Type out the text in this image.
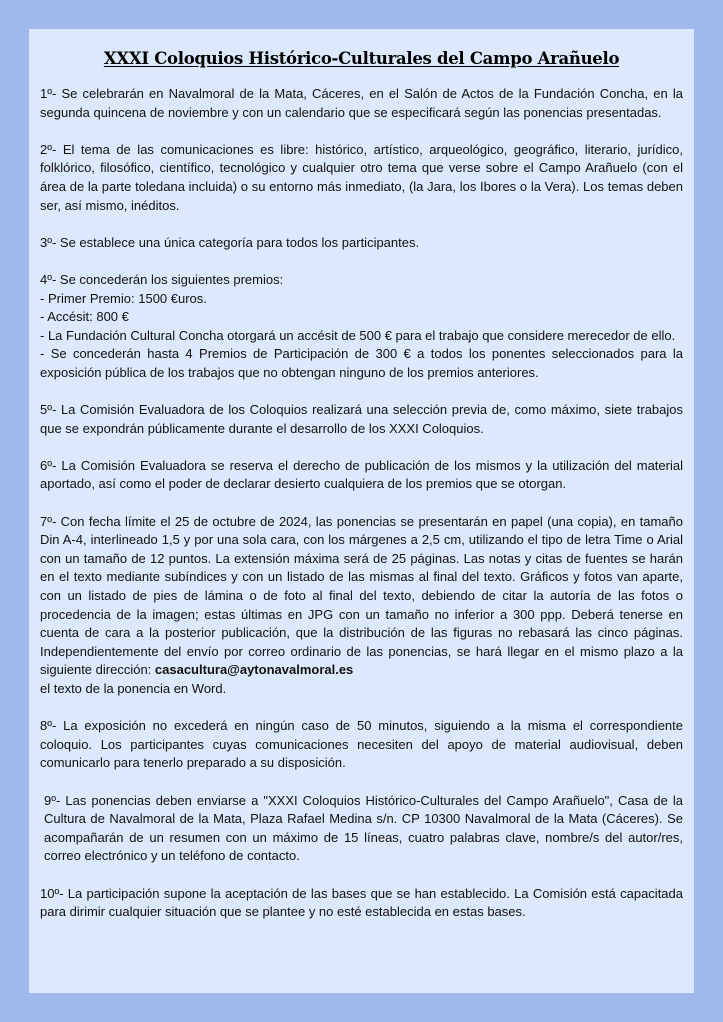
XXXI Coloquios Histórico-Culturales del Campo Arañuelo

1º- Se celebrarán en Navalmoral de la Mata, Cáceres, en el Salón de Actos de la Fundación Concha, en la segunda quincena de noviembre y con un calendario que se especificará según las ponencias presentadas.

2º- El tema de las comunicaciones es libre: histórico, artístico, arqueológico, geográfico, literario, jurídico, folklórico, filosófico, científico, tecnológico y cualquier otro tema que verse sobre el Campo Arañuelo (con el área de la parte toledana incluida) o su entorno más inmediato, (la Jara, los Ibores o la Vera). Los temas deben ser, así mismo, inéditos.

3º- Se establece una única categoría para todos los participantes.

4º- Se concederán los siguientes premios:
- Primer Premio: 1500 €uros.
- Accésit: 800 €
- La Fundación Cultural Concha otorgará un accésit de 500 € para el trabajo que considere merecedor de ello.
- Se concederán hasta 4 Premios de Participación de 300 € a todos los ponentes seleccionados para la exposición pública de los trabajos que no obtengan ninguno de los premios anteriores.

5º- La Comisión Evaluadora de los Coloquios realizará una selección previa de, como máximo, siete trabajos que se expondrán públicamente durante el desarrollo de los XXXI Coloquios.

6º- La Comisión Evaluadora se reserva el derecho de publicación de los mismos y la utilización del material aportado, así como el poder de declarar desierto cualquiera de los premios que se otorgan.

7º- Con fecha límite el 25 de octubre de 2024, las ponencias se presentarán en papel (una copia), en tamaño Din A-4, interlineado 1,5 y por una sola cara, con los márgenes a 2,5 cm, utilizando el tipo de letra Time o Arial con un tamaño de 12 puntos. La extensión máxima será de 25 páginas. Las notas y citas de fuentes se harán en el texto mediante subíndices y con un listado de las mismas al final del texto. Gráficos y fotos van aparte, con un listado de pies de lámina o de foto al final del texto, debiendo de citar la autoría de las fotos o procedencia de la imagen; estas últimas en JPG con un tamaño no inferior a 300 ppp. Deberá tenerse en cuenta de cara a la posterior publicación, que la distribución de las figuras no rebasará las cinco páginas. Independientemente del envío por correo ordinario de las ponencias, se hará llegar en el mismo plazo a la siguiente dirección: casacultura@aytonavalmoral.es
el texto de la ponencia en Word.

8º- La exposición no excederá en ningún caso de 50 minutos, siguiendo a la misma el correspondiente coloquio. Los participantes cuyas comunicaciones necesiten del apoyo de material audiovisual, deben comunicarlo para tenerlo preparado a su disposición.

9º- Las ponencias deben enviarse a "XXXI Coloquios Histórico-Culturales del Campo Arañuelo", Casa de la Cultura de Navalmoral de la Mata, Plaza Rafael Medina s/n. CP 10300 Navalmoral de la Mata (Cáceres). Se acompañarán de un resumen con un máximo de 15 líneas, cuatro palabras clave, nombre/s del autor/res, correo electrónico y un teléfono de contacto.

10º- La participación supone la aceptación de las bases que se han establecido. La Comisión está capacitada para dirimir cualquier situación que se plantee y no esté establecida en estas bases.
